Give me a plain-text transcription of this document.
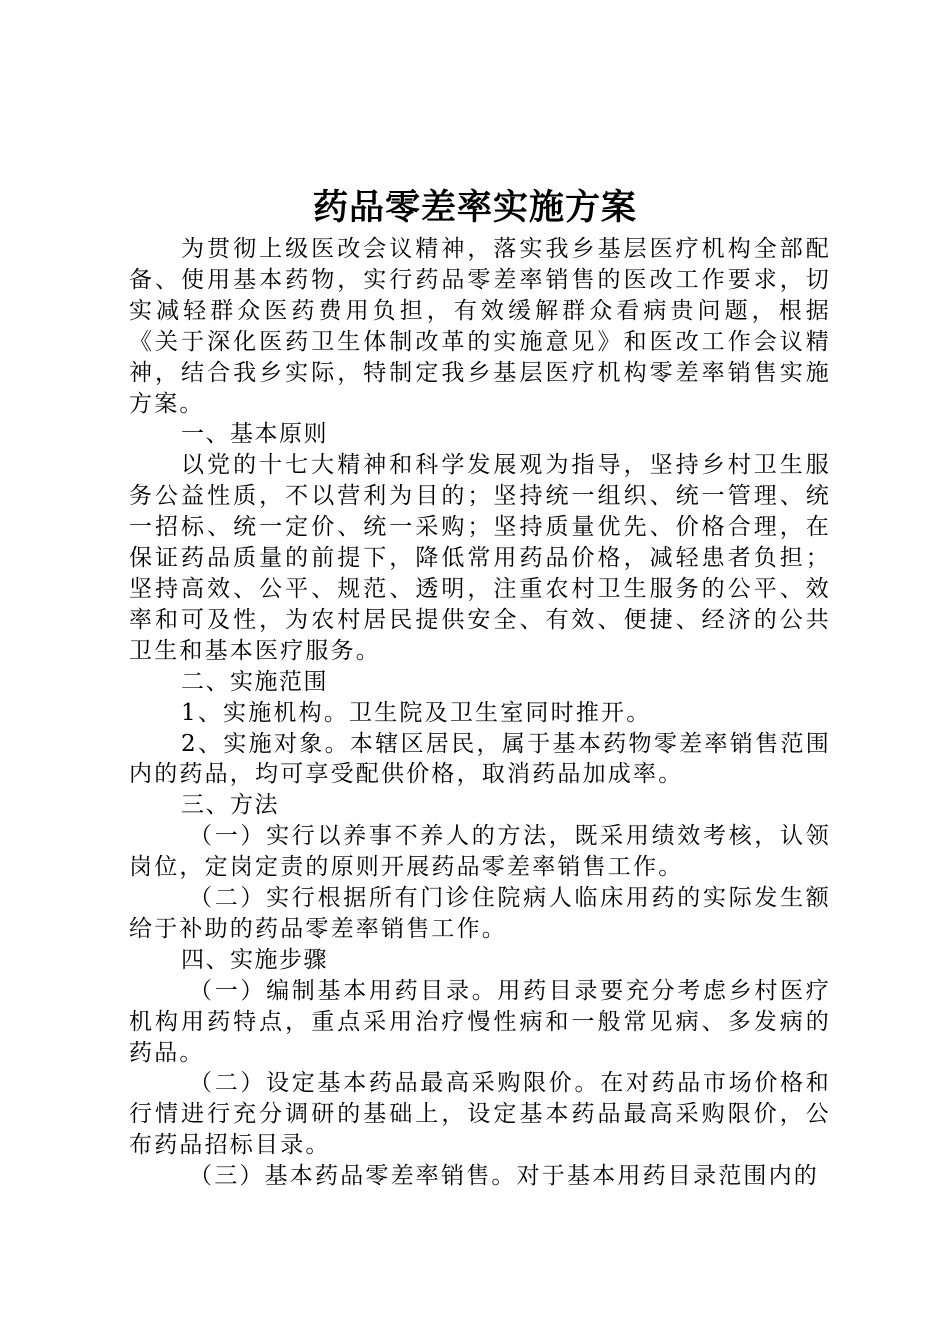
药品零差率实施方案

为贯彻上级医改会议精神，落实我乡基层医疗机构全部配备、使用基本药物，实行药品零差率销售的医改工作要求，切实减轻群众医药费用负担，有效缓解群众看病贵问题，根据《关于深化医药卫生体制改革的实施意见》和医改工作会议精神，结合我乡实际，特制定我乡基层医疗机构零差率销售实施方案。

一、基本原则

以党的十七大精神和科学发展观为指导，坚持乡村卫生服务公益性质，不以营利为目的；坚持统一组织、统一管理、统一招标、统一定价、统一采购；坚持质量优先、价格合理，在保证药品质量的前提下，降低常用药品价格，减轻患者负担；坚持高效、公平、规范、透明，注重农村卫生服务的公平、效率和可及性，为农村居民提供安全、有效、便捷、经济的公共卫生和基本医疗服务。

二、实施范围

1、实施机构。卫生院及卫生室同时推开。

2、实施对象。本辖区居民，属于基本药物零差率销售范围内的药品，均可享受配供价格，取消药品加成率。

三、方法

（一）实行以养事不养人的方法，既采用绩效考核，认领岗位，定岗定责的原则开展药品零差率销售工作。

（二）实行根据所有门诊住院病人临床用药的实际发生额给于补助的药品零差率销售工作。

四、实施步骤

（一）编制基本用药目录。用药目录要充分考虑乡村医疗机构用药特点，重点采用治疗慢性病和一般常见病、多发病的药品。

（二）设定基本药品最高采购限价。在对药品市场价格和行情进行充分调研的基础上，设定基本药品最高采购限价，公布药品招标目录。

（三）基本药品零差率销售。对于基本用药目录范围内的
